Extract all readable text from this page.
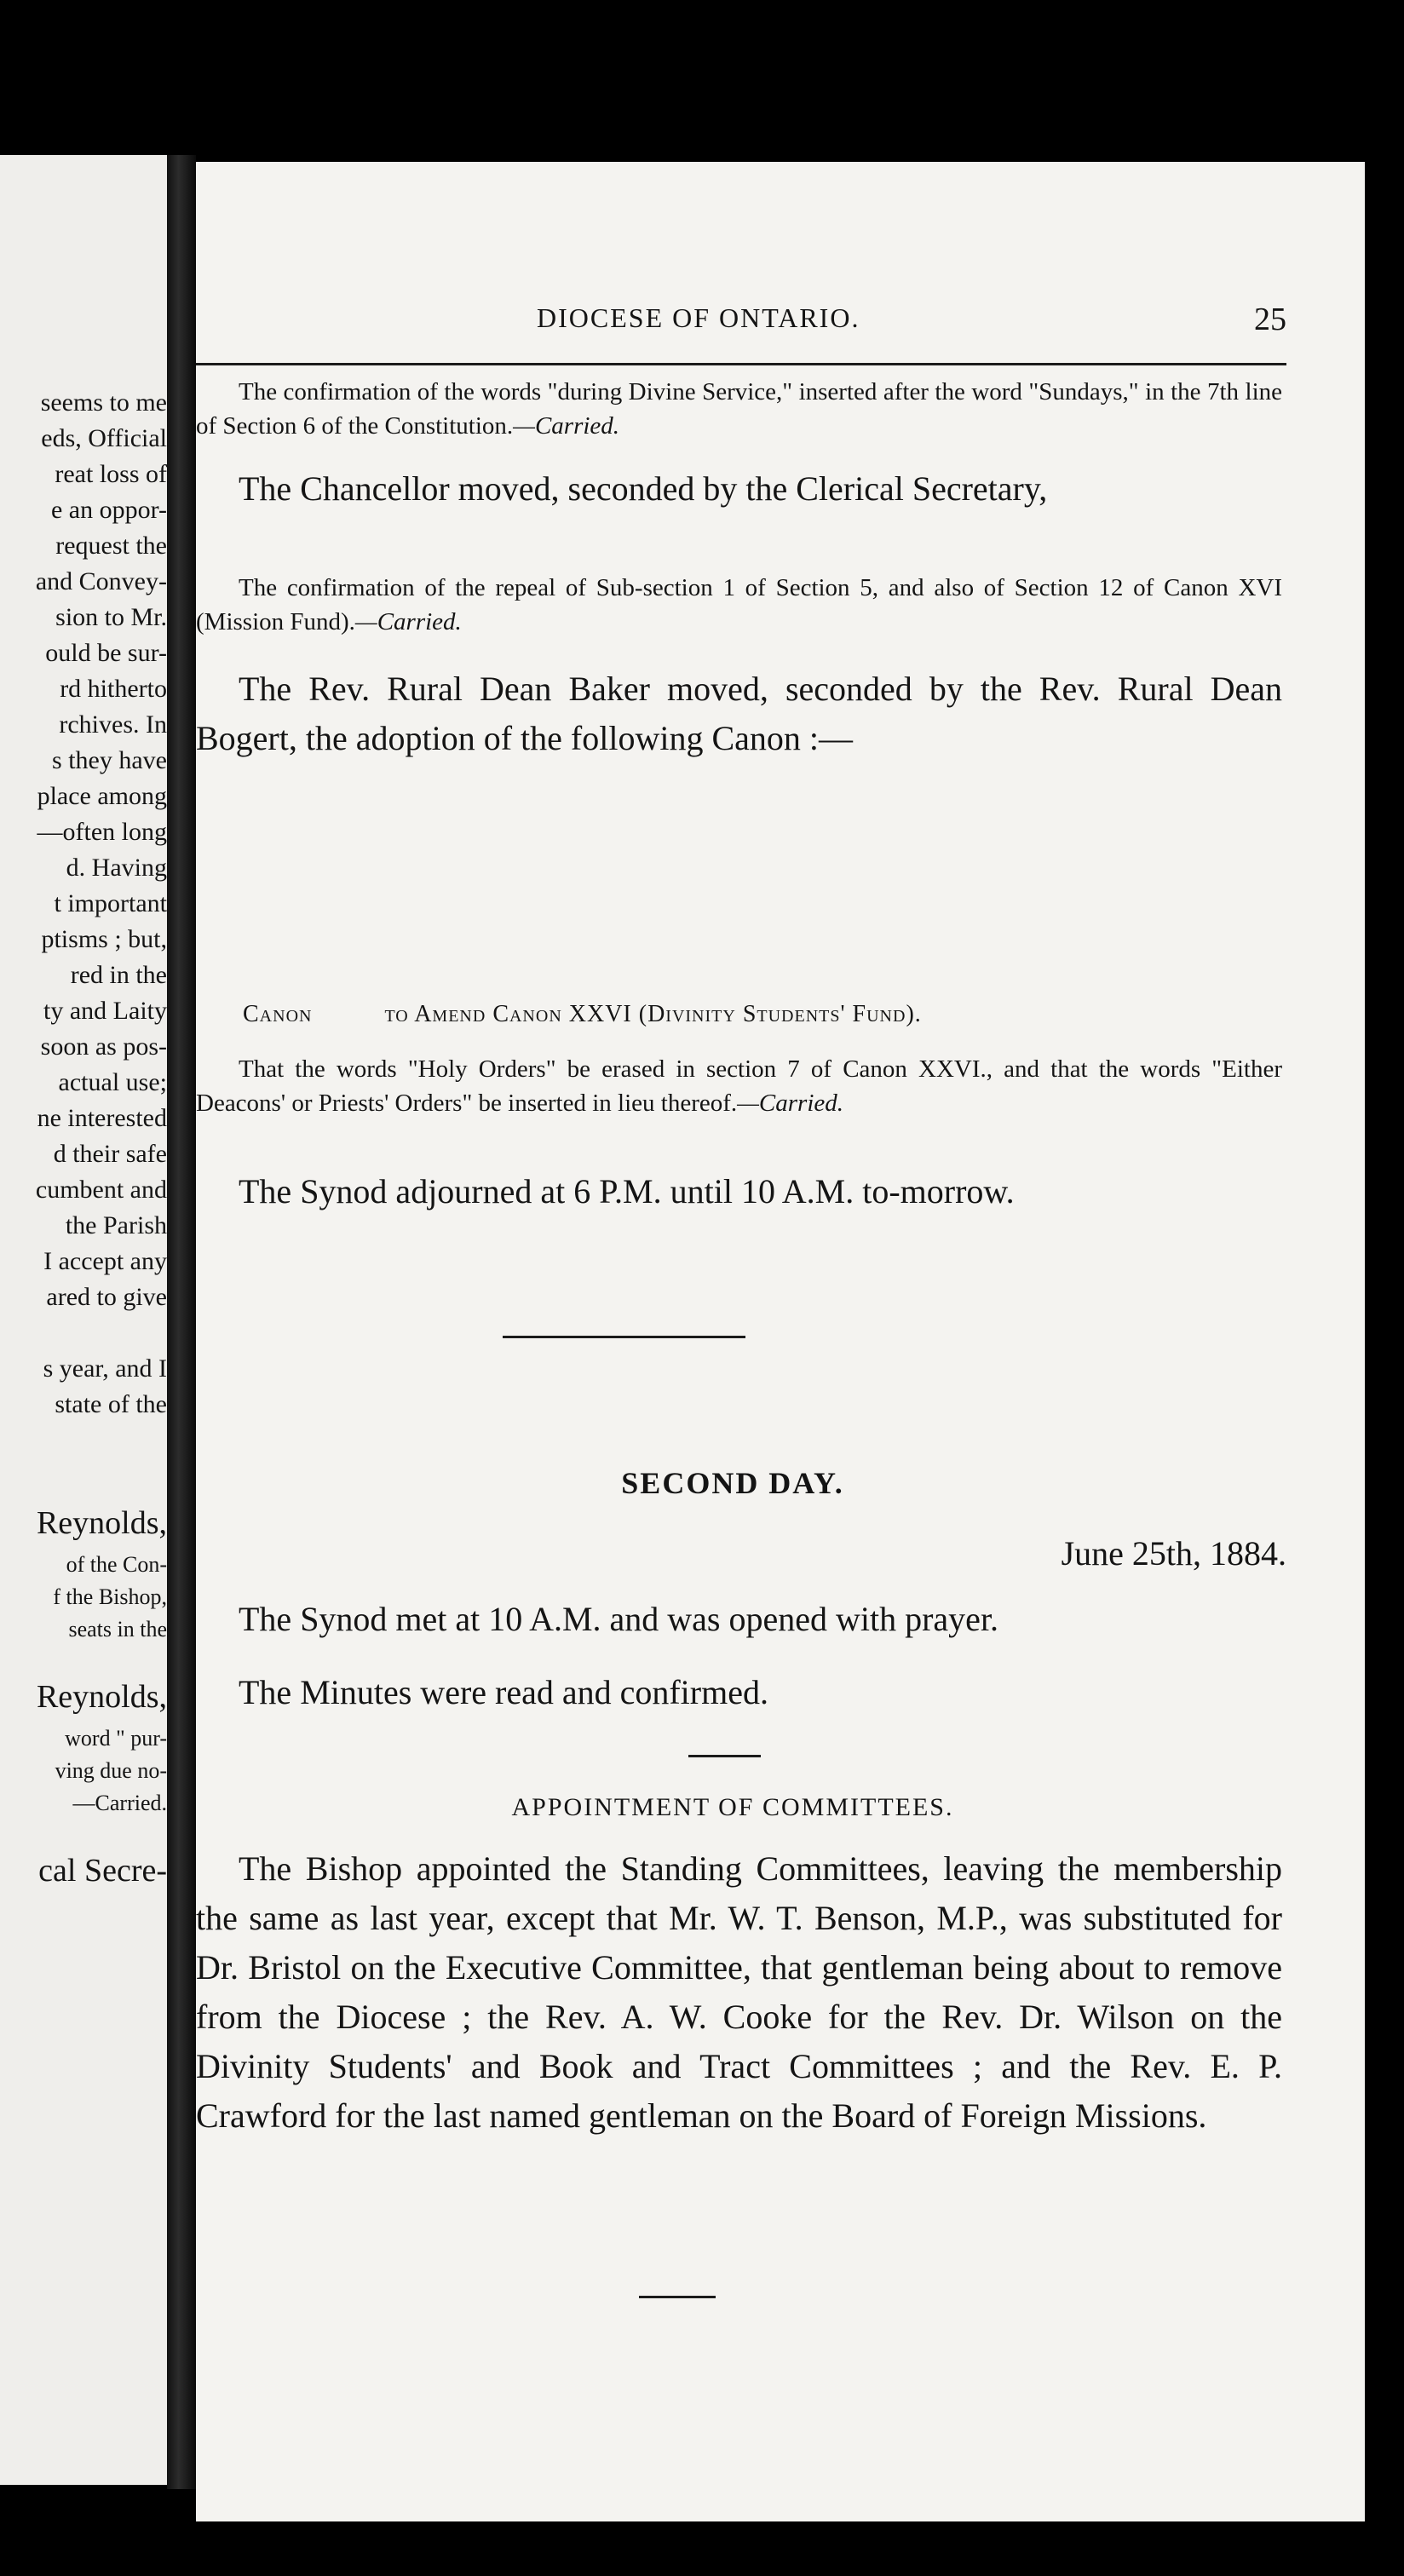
seems to me
eds, Official
reat loss of
e an oppor-
request the
and Convey-
sion to Mr.
ould be sur-
rd hitherto
rchives. In
s they have
place among
—often long
d. Having
t important
ptisms ; but,
red in the
ty and Laity
soon as pos-
actual use;
ne interested
d their safe
cumbent and
the Parish
I accept any
ared to give
s year, and I
state of the
Reynolds,
of the Con-
f the Bishop,
seats in the
Reynolds,
word " pur-
ving due no-
—Carried.
cal Secre-
DIOCESE OF ONTARIO.	25
The confirmation of the words "during Divine Service," inserted after the word "Sundays," in the 7th line of Section 6 of the Constitution.—Carried.
The Chancellor moved, seconded by the Clerical Secretary,
The confirmation of the repeal of Sub-section 1 of Section 5, and also of Section 12 of Canon XVI (Mission Fund).—Carried.
The Rev. Rural Dean Baker moved, seconded by the Rev. Rural Dean Bogert, the adoption of the following Canon :—
Canon	to Amend Canon XXVI (Divinity Students' Fund).
That the words "Holy Orders" be erased in section 7 of Canon XXVI., and that the words "Either Deacons' or Priests' Orders" be inserted in lieu thereof.—Carried.
The Synod adjourned at 6 P.M. until 10 A.M. to-morrow.
SECOND DAY.
June 25th, 1884.
The Synod met at 10 A.M. and was opened with prayer.
The Minutes were read and confirmed.
APPOINTMENT OF COMMITTEES.
The Bishop appointed the Standing Committees, leaving the membership the same as last year, except that Mr. W. T. Benson, M.P., was substituted for Dr. Bristol on the Executive Committee, that gentleman being about to remove from the Diocese ; the Rev. A. W. Cooke for the Rev. Dr. Wilson on the Divinity Students' and Book and Tract Committees ; and the Rev. E. P. Crawford for the last named gentleman on the Board of Foreign Missions.
